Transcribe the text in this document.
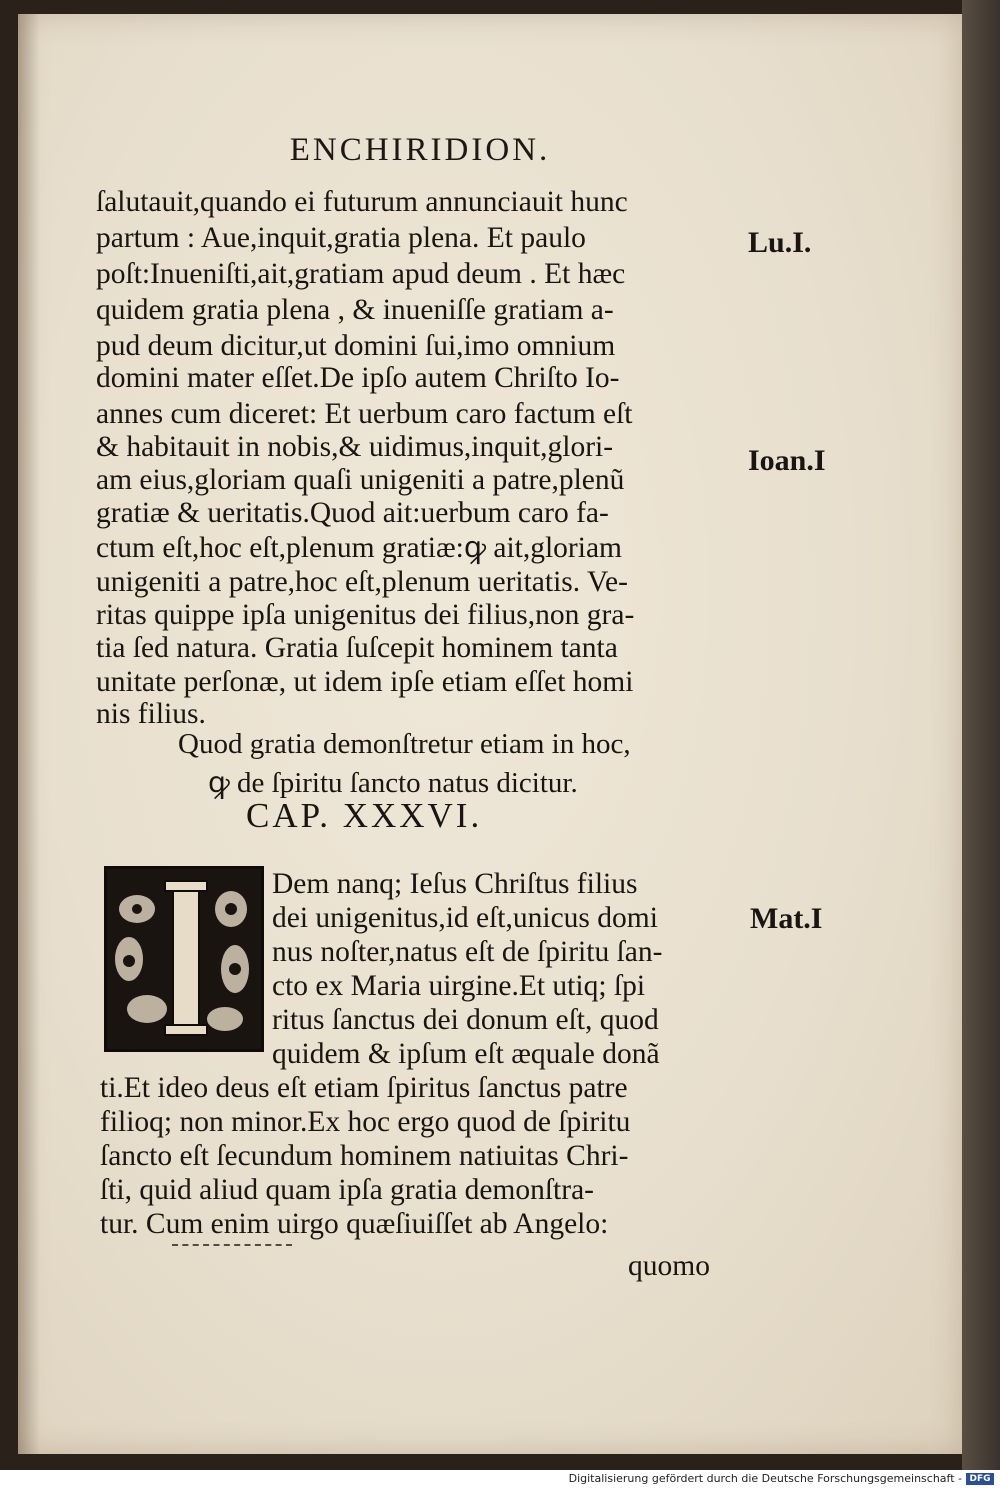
ENCHIRIDION.
ſalutauit,quando ei futurum annunciauit hunc
partum : Aue,inquit,gratia plena. Et paulo
poſt:Inueniſti,ait,gratiam apud deum . Et hæc
quidem gratia plena , & inueniſſe gratiam a-
pud deum dicitur,ut domini ſui,imo omnium
domini mater eſſet.De ipſo autem Chriſto Io-
annes cum diceret: Et uerbum caro factum eſt
& habitauit in nobis,& uidimus,inquit,glori-
am eius,gloriam quaſi unigeniti a patre,plenũ
gratiæ & ueritatis.Quod ait:uerbum caro fa-
ctum eſt,hoc eſt,plenum gratiæ:ꝙ ait,gloriam
unigeniti a patre,hoc eſt,plenum ueritatis. Ve-
ritas quippe ipſa unigenitus dei filius,non gra-
tia ſed natura. Gratia ſuſcepit hominem tanta
unitate perſonæ, ut idem ipſe etiam eſſet homi
nis filius.
Quod gratia demonſtretur etiam in hoc,
ꝙ de ſpiritu ſancto natus dicitur.
CAP. XXXVI.
Dem nanq; Ieſus Chriſtus filius
dei unigenitus,id eſt,unicus domi
nus noſter,natus eſt de ſpiritu ſan-
cto ex Maria uirgine.Et utiq; ſpi
ritus ſanctus dei donum eſt, quod
quidem & ipſum eſt æquale donã
ti.Et ideo deus eſt etiam ſpiritus ſanctus patre
filioq; non minor.Ex hoc ergo quod de ſpiritu
ſancto eſt ſecundum hominem natiuitas Chri-
ſti, quid aliud quam ipſa gratia demonſtra-
tur. Cum enim uirgo quæſiuiſſet ab Angelo:
quomo
Lu.I.
Ioan.I
Mat.I
Digitalisierung gefördert durch die Deutsche Forschungsgemeinschaft - DFG
